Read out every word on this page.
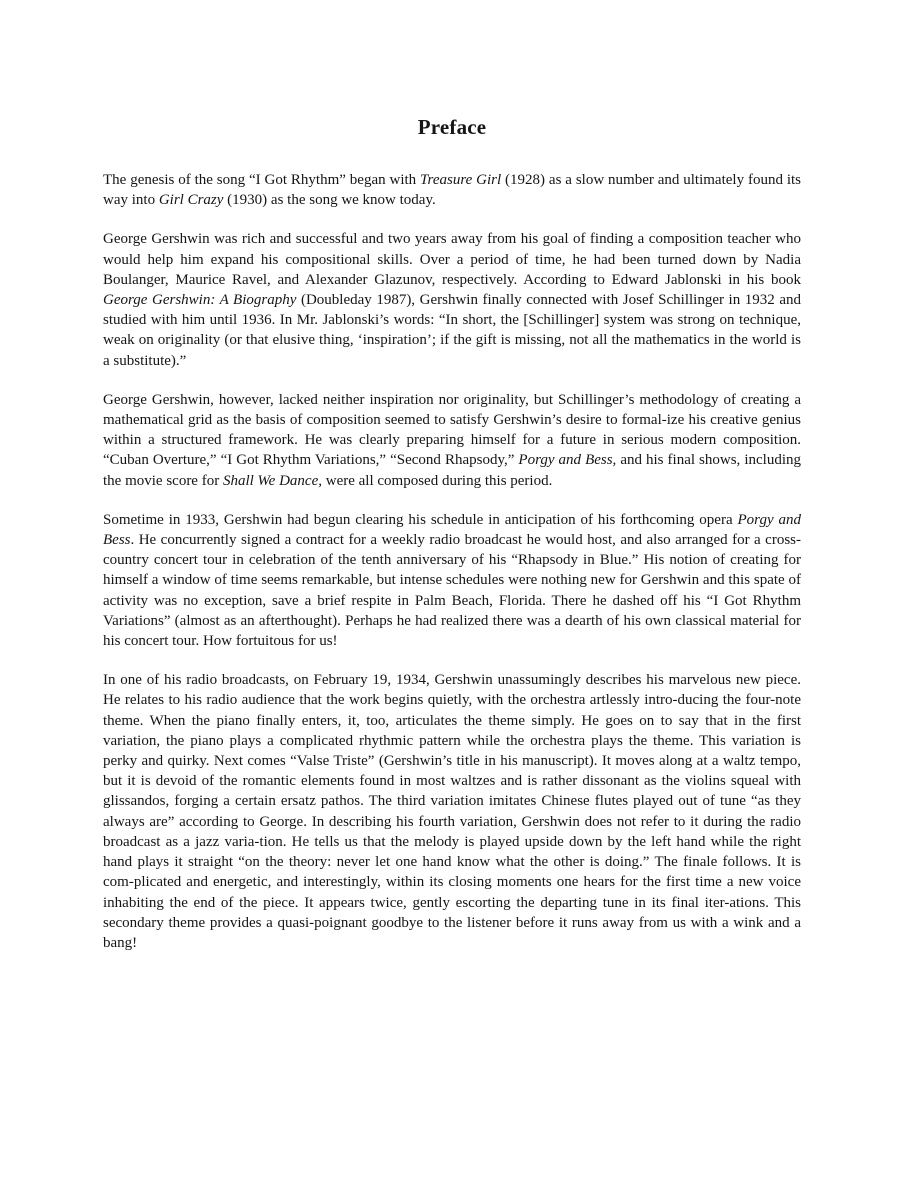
Preface

The genesis of the song “I Got Rhythm” began with Treasure Girl (1928) as a slow number and ultimately found its way into Girl Crazy (1930) as the song we know today.

George Gershwin was rich and successful and two years away from his goal of finding a composition teacher who would help him expand his compositional skills. Over a period of time, he had been turned down by Nadia Boulanger, Maurice Ravel, and Alexander Glazunov, respectively. According to Edward Jablonski in his book George Gershwin: A Biography (Doubleday 1987), Gershwin finally connected with Josef Schillinger in 1932 and studied with him until 1936. In Mr. Jablonski’s words: “In short, the [Schillinger] system was strong on technique, weak on originality (or that elusive thing, ‘inspiration’; if the gift is missing, not all the mathematics in the world is a substitute).”

George Gershwin, however, lacked neither inspiration nor originality, but Schillinger’s methodology of creating a mathematical grid as the basis of composition seemed to satisfy Gershwin’s desire to formal-ize his creative genius within a structured framework. He was clearly preparing himself for a future in serious modern composition. “Cuban Overture,” “I Got Rhythm Variations,” “Second Rhapsody,” Porgy and Bess, and his final shows, including the movie score for Shall We Dance, were all composed during this period.

Sometime in 1933, Gershwin had begun clearing his schedule in anticipation of his forthcoming opera Porgy and Bess. He concurrently signed a contract for a weekly radio broadcast he would host, and also arranged for a cross-country concert tour in celebration of the tenth anniversary of his “Rhapsody in Blue.” His notion of creating for himself a window of time seems remarkable, but intense schedules were nothing new for Gershwin and this spate of activity was no exception, save a brief respite in Palm Beach, Florida. There he dashed off his “I Got Rhythm Variations” (almost as an afterthought). Perhaps he had realized there was a dearth of his own classical material for his concert tour. How fortuitous for us!

In one of his radio broadcasts, on February 19, 1934, Gershwin unassumingly describes his marvelous new piece. He relates to his radio audience that the work begins quietly, with the orchestra artlessly intro-ducing the four-note theme. When the piano finally enters, it, too, articulates the theme simply. He goes on to say that in the first variation, the piano plays a complicated rhythmic pattern while the orchestra plays the theme. This variation is perky and quirky. Next comes “Valse Triste” (Gershwin’s title in his manuscript). It moves along at a waltz tempo, but it is devoid of the romantic elements found in most waltzes and is rather dissonant as the violins squeal with glissandos, forging a certain ersatz pathos. The third variation imitates Chinese flutes played out of tune “as they always are” according to George. In describing his fourth variation, Gershwin does not refer to it during the radio broadcast as a jazz varia-tion. He tells us that the melody is played upside down by the left hand while the right hand plays it straight “on the theory: never let one hand know what the other is doing.” The finale follows. It is com-plicated and energetic, and interestingly, within its closing moments one hears for the first time a new voice inhabiting the end of the piece. It appears twice, gently escorting the departing tune in its final iter-ations. This secondary theme provides a quasi-poignant goodbye to the listener before it runs away from us with a wink and a bang!
